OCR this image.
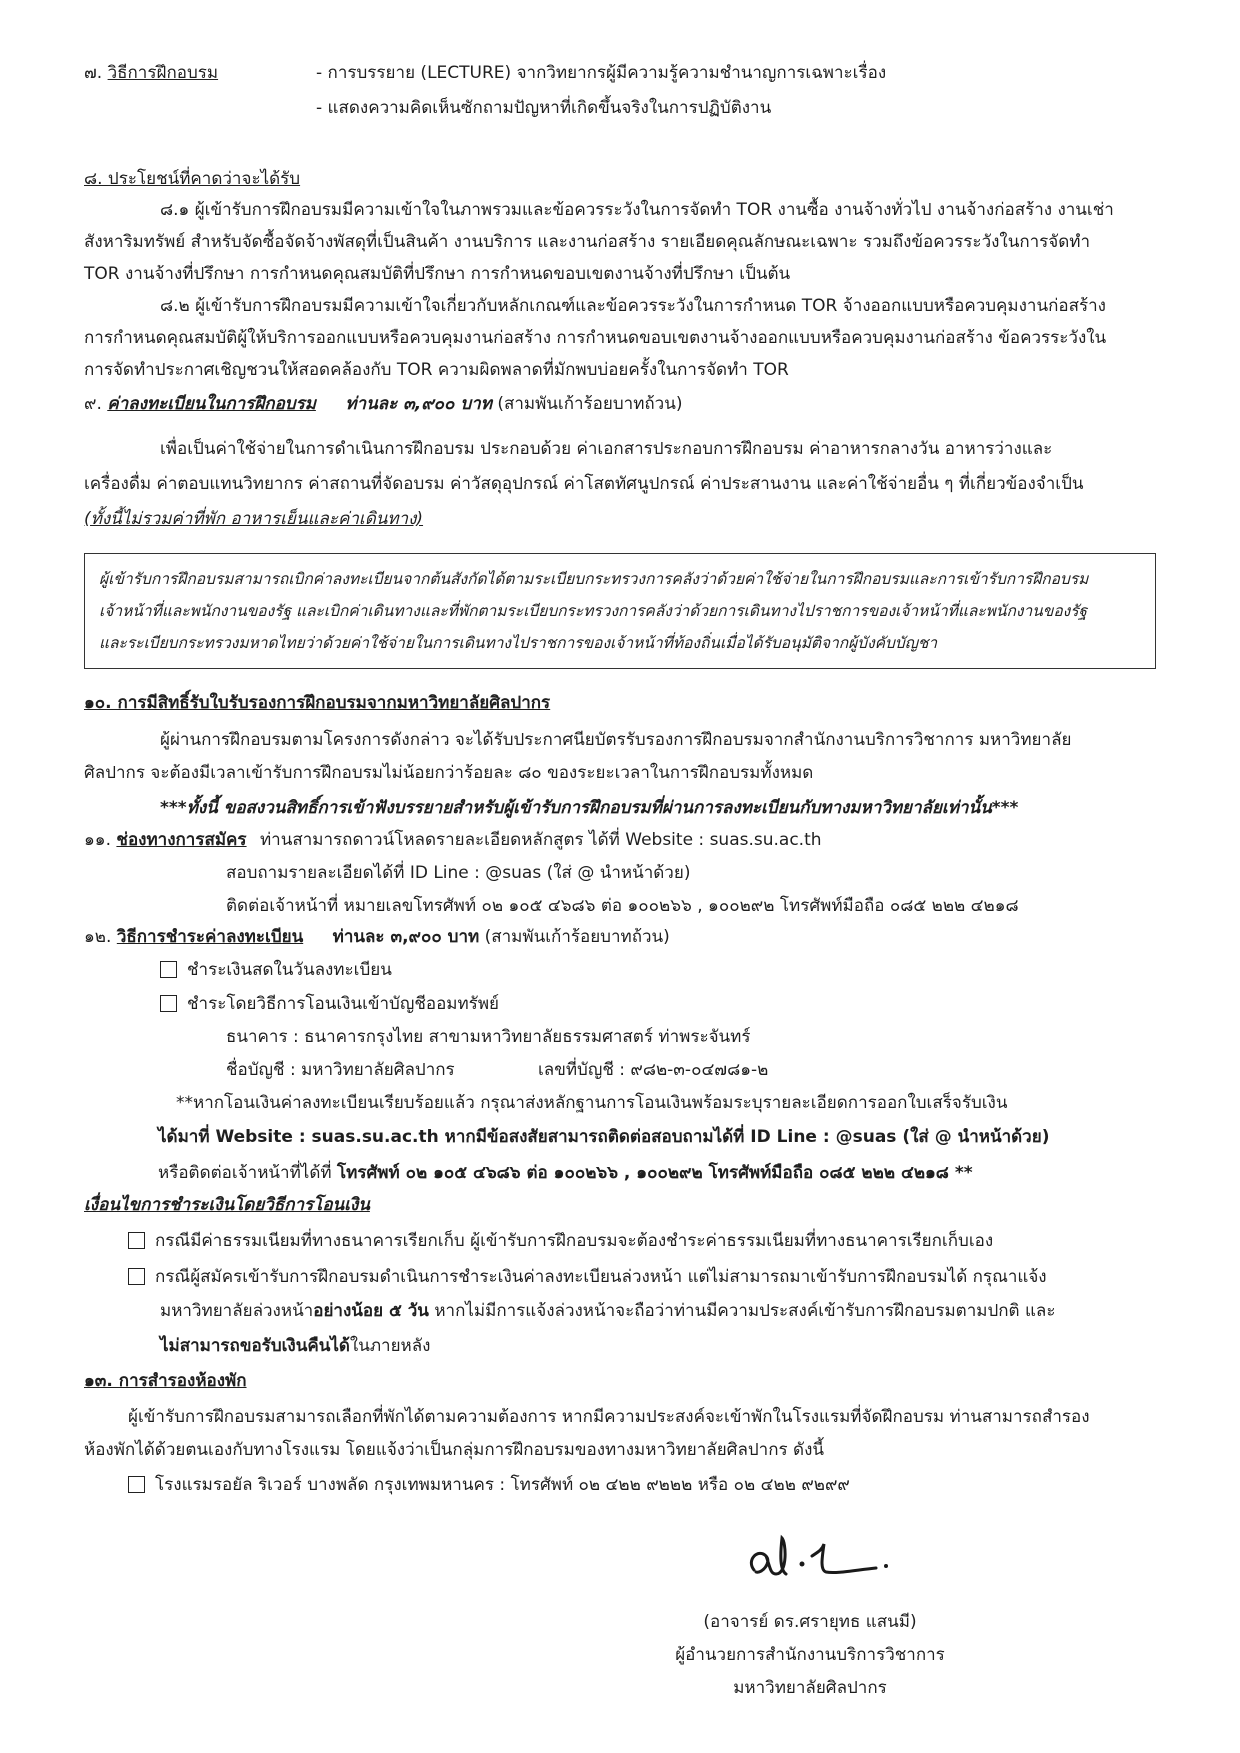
๗. วิธีการฝึกอบรม	- การบรรยาย (LECTURE) จากวิทยากรผู้มีความรู้ความชำนาญการเฉพาะเรื่อง
- แสดงความคิดเห็นซักถามปัญหาที่เกิดขึ้นจริงในการปฏิบัติงาน
๘. ประโยชน์ที่คาดว่าจะได้รับ
๘.๑ ผู้เข้ารับการฝึกอบรมมีความเข้าใจในภาพรวมและข้อควรระวังในการจัดทำ TOR งานซื้อ งานจ้างทั่วไป งานจ้างก่อสร้าง งานเช่า
สังหาริมทรัพย์ สำหรับจัดซื้อจัดจ้างพัสดุที่เป็นสินค้า งานบริการ และงานก่อสร้าง รายเอียดคุณลักษณะเฉพาะ รวมถึงข้อควรระวังในการจัดทำ
TOR งานจ้างที่ปรึกษา การกำหนดคุณสมบัติที่ปรึกษา การกำหนดขอบเขตงานจ้างที่ปรึกษา เป็นต้น
๘.๒ ผู้เข้ารับการฝึกอบรมมีความเข้าใจเกี่ยวกับหลักเกณฑ์และข้อควรระวังในการกำหนด TOR จ้างออกแบบหรือควบคุมงานก่อสร้าง
การกำหนดคุณสมบัติผู้ให้บริการออกแบบหรือควบคุมงานก่อสร้าง การกำหนดขอบเขตงานจ้างออกแบบหรือควบคุมงานก่อสร้าง ข้อควรระวังใน
การจัดทำประกาศเชิญชวนให้สอดคล้องกับ TOR ความผิดพลาดที่มักพบบ่อยครั้งในการจัดทำ TOR
๙. ค่าลงทะเบียนในการฝึกอบรม ท่านละ ๓,๙๐๐ บาท (สามพันเก้าร้อยบาทถ้วน)
เพื่อเป็นค่าใช้จ่ายในการดำเนินการฝึกอบรม ประกอบด้วย ค่าเอกสารประกอบการฝึกอบรม ค่าอาหารกลางวัน อาหารว่างและ
เครื่องดื่ม ค่าตอบแทนวิทยากร ค่าสถานที่จัดอบรม ค่าวัสดุอุปกรณ์ ค่าโสตทัศนูปกรณ์ ค่าประสานงาน และค่าใช้จ่ายอื่น ๆ ที่เกี่ยวข้องจำเป็น
(ทั้งนี้ไม่รวมค่าที่พัก อาหารเย็นและค่าเดินทาง)
ผู้เข้ารับการฝึกอบรมสามารถเบิกค่าลงทะเบียนจากต้นสังกัดได้ตามระเบียบกระทรวงการคลังว่าด้วยค่าใช้จ่ายในการฝึกอบรมและการเข้ารับการฝึกอบรม
เจ้าหน้าที่และพนักงานของรัฐ และเบิกค่าเดินทางและที่พักตามระเบียบกระทรวงการคลังว่าด้วยการเดินทางไปราชการของเจ้าหน้าที่และพนักงานของรัฐ
และระเบียบกระทรวงมหาดไทยว่าด้วยค่าใช้จ่ายในการเดินทางไปราชการของเจ้าหน้าที่ท้องถิ่นเมื่อได้รับอนุมัติจากผู้บังคับบัญชา
๑๐. การมีสิทธิ์รับใบรับรองการฝึกอบรมจากมหาวิทยาลัยศิลปากร
ผู้ผ่านการฝึกอบรมตามโครงการดังกล่าว จะได้รับประกาศนียบัตรรับรองการฝึกอบรมจากสำนักงานบริการวิชาการ มหาวิทยาลัย
ศิลปากร จะต้องมีเวลาเข้ารับการฝึกอบรมไม่น้อยกว่าร้อยละ ๘๐ ของระยะเวลาในการฝึกอบรมทั้งหมด
***ทั้งนี้ ขอสงวนสิทธิ์การเข้าฟังบรรยายสำหรับผู้เข้ารับการฝึกอบรมที่ผ่านการลงทะเบียนกับทางมหาวิทยาลัยเท่านั้น***
๑๑. ช่องทางการสมัคร ท่านสามารถดาวน์โหลดรายละเอียดหลักสูตร ได้ที่ Website : suas.su.ac.th
สอบถามรายละเอียดได้ที่ ID Line : @suas (ใส่ @ นำหน้าด้วย)
ติดต่อเจ้าหน้าที่ หมายเลขโทรศัพท์ ๐๒ ๑๐๕ ๔๖๘๖ ต่อ ๑๐๐๒๖๖ , ๑๐๐๒๙๒ โทรศัพท์มือถือ ๐๘๕ ๒๒๒ ๔๒๑๘
๑๒. วิธีการชำระค่าลงทะเบียน ท่านละ ๓,๙๐๐ บาท (สามพันเก้าร้อยบาทถ้วน)
ชำระเงินสดในวันลงทะเบียน
ชำระโดยวิธีการโอนเงินเข้าบัญชีออมทรัพย์
ธนาคาร : ธนาคารกรุงไทย สาขามหาวิทยาลัยธรรมศาสตร์ ท่าพระจันทร์
ชื่อบัญชี : มหาวิทยาลัยศิลปากร	เลขที่บัญชี : ๙๘๒-๓-๐๔๗๘๑-๒
**หากโอนเงินค่าลงทะเบียนเรียบร้อยแล้ว กรุณาส่งหลักฐานการโอนเงินพร้อมระบุรายละเอียดการออกใบเสร็จรับเงิน
ได้มาที่ Website : suas.su.ac.th หากมีข้อสงสัยสามารถติดต่อสอบถามได้ที่ ID Line : @suas (ใส่ @ นำหน้าด้วย)
หรือติดต่อเจ้าหน้าที่ได้ที่ โทรศัพท์ ๐๒ ๑๐๕ ๔๖๘๖ ต่อ ๑๐๐๒๖๖ , ๑๐๐๒๙๒ โทรศัพท์มือถือ ๐๘๕ ๒๒๒ ๔๒๑๘ **
เงื่อนไขการชำระเงินโดยวิธีการโอนเงิน
กรณีมีค่าธรรมเนียมที่ทางธนาคารเรียกเก็บ ผู้เข้ารับการฝึกอบรมจะต้องชำระค่าธรรมเนียมที่ทางธนาคารเรียกเก็บเอง
กรณีผู้สมัครเข้ารับการฝึกอบรมดำเนินการชำระเงินค่าลงทะเบียนล่วงหน้า แต่ไม่สามารถมาเข้ารับการฝึกอบรมได้ กรุณาแจ้ง
มหาวิทยาลัยล่วงหน้าอย่างน้อย ๕ วัน หากไม่มีการแจ้งล่วงหน้าจะถือว่าท่านมีความประสงค์เข้ารับการฝึกอบรมตามปกติ และ
ไม่สามารถขอรับเงินคืนได้ในภายหลัง
๑๓. การสำรองห้องพัก
ผู้เข้ารับการฝึกอบรมสามารถเลือกที่พักได้ตามความต้องการ หากมีความประสงค์จะเข้าพักในโรงแรมที่จัดฝึกอบรม ท่านสามารถสำรอง
ห้องพักได้ด้วยตนเองกับทางโรงแรม โดยแจ้งว่าเป็นกลุ่มการฝึกอบรมของทางมหาวิทยาลัยศิลปากร ดังนี้
โรงแรมรอยัล ริเวอร์ บางพลัด กรุงเทพมหานคร : โทรศัพท์ ๐๒ ๔๒๒ ๙๒๒๒ หรือ ๐๒ ๔๒๒ ๙๒๙๙
(อาจารย์ ดร.ศรายุทธ แสนมี)
ผู้อำนวยการสำนักงานบริการวิชาการ
มหาวิทยาลัยศิลปากร
